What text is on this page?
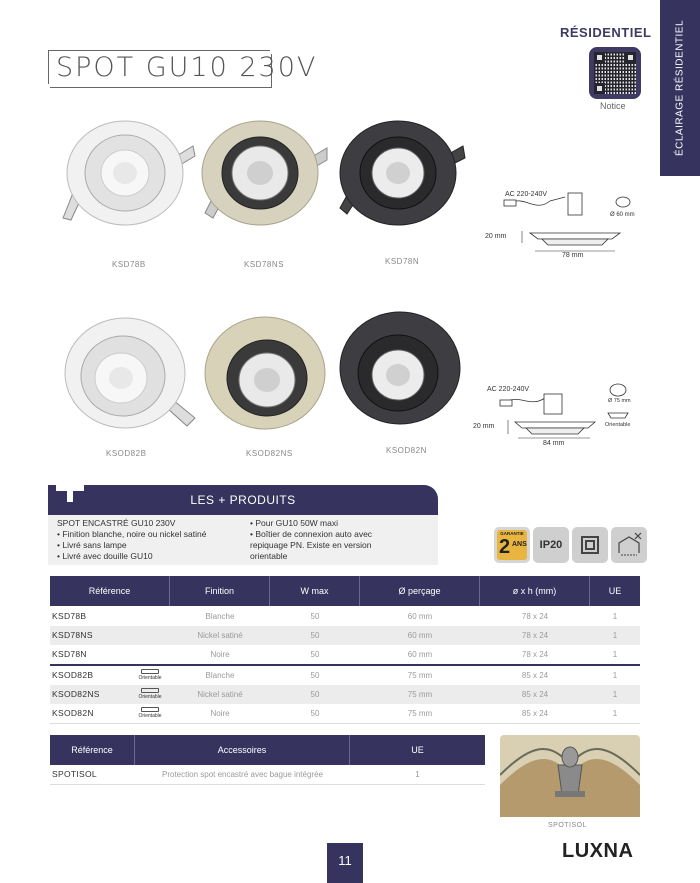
SPOT GU10 230V
RÉSIDENTIEL ÉCLAIRAGE RÉSIDENTIEL
Notice
KSD78B	KSD78NS	KSD78N
KSOD82B	KSOD82NS	KSOD82N
AC 220-240V
20 mm
78 mm
Ø 60 mm
AC 220-240V
20 mm
84 mm
Ø 75 mm
Orientable
LES + PRODUITS
SPOT ENCASTRÉ GU10 230V
• Finition blanche, noire ou nickel satiné
• Livré sans lampe
• Livré avec douille GU10
• Pour GU10 50W maxi
• Boîtier de connexion auto avec
repiquage PN. Existe en version
orientable
GARANTIE
2 ANS	IP20
Référence	Finition	W max	Ø perçage	ø x h (mm)	UE
KSD78B	Blanche	50	60 mm	78 x 24	1
KSD78NS	Nickel satiné	50	60 mm	78 x 24	1
KSD78N	Noire	50	60 mm	78 x 24	1
KSOD82B	Orientable	Blanche	50	75 mm	85 x 24	1
KSOD82NS	Orientable	Nickel satiné	50	75 mm	85 x 24	1
KSOD82N	Orientable	Noire	50	75 mm	85 x 24	1
Référence	Accessoires	UE
SPOTISOL	Protection spot encastré avec bague intégrée	1
SPOTISOL
11	LUXNA
